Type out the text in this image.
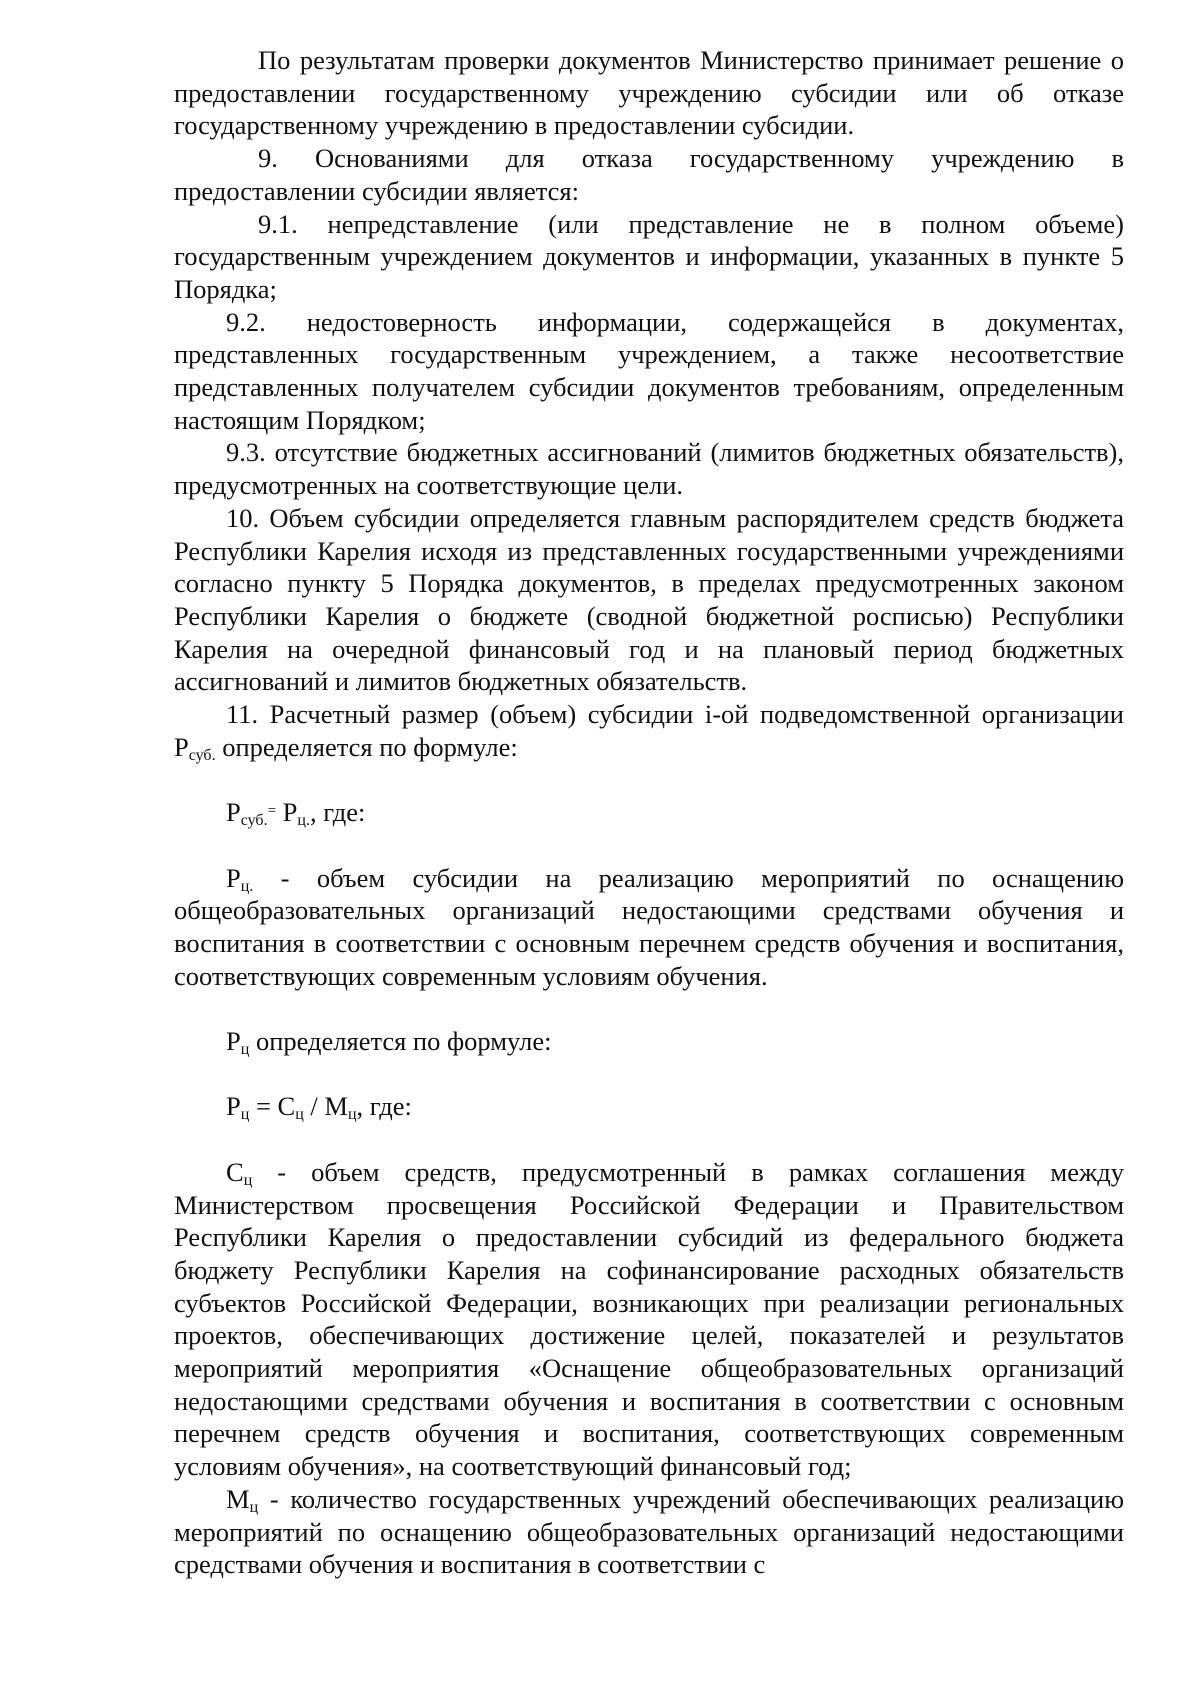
По результатам проверки документов Министерство принимает решение о предоставлении государственному учреждению субсидии или об отказе государственному учреждению в предоставлении субсидии.

9. Основаниями для отказа государственному учреждению в предоставлении субсидии является:

9.1. непредставление (или представление не в полном объеме) государственным учреждением документов и информации, указанных в пункте 5 Порядка;

9.2. недостоверность информации, содержащейся в документах, представленных государственным учреждением, а также несоответствие представленных получателем субсидии документов требованиям, определенным настоящим Порядком;

9.3. отсутствие бюджетных ассигнований (лимитов бюджетных обязательств), предусмотренных на соответствующие цели.

10. Объем субсидии определяется главным распорядителем средств бюджета Республики Карелия исходя из представленных государственными учреждениями согласно пункту 5 Порядка документов, в пределах предусмотренных законом Республики Карелия о бюджете (сводной бюджетной росписью) Республики Карелия на очередной финансовый год и на плановый период бюджетных ассигнований и лимитов бюджетных обязательств.

11. Расчетный размер (объем) субсидии i-ой подведомственной организации $Р_{суб.}$ определяется по формуле:

$Р_{суб.}^=$ $Р_{ц.}$, где:

$Р_{ц.}$ - объем субсидии на реализацию мероприятий по оснащению общеобразовательных организаций недостающими средствами обучения и воспитания в соответствии с основным перечнем средств обучения и воспитания, соответствующих современным условиям обучения.

$Р_ц$ определяется по формуле:

$Р_ц = С_ц / М_ц$, где:

$С_ц$ - объем средств, предусмотренный в рамках соглашения между Министерством просвещения Российской Федерации и Правительством Республики Карелия о предоставлении субсидий из федерального бюджета бюджету Республики Карелия на софинансирование расходных обязательств субъектов Российской Федерации, возникающих при реализации региональных проектов, обеспечивающих достижение целей, показателей и результатов мероприятий мероприятия «Оснащение общеобразовательных организаций недостающими средствами обучения и воспитания в соответствии с основным перечнем средств обучения и воспитания, соответствующих современным условиям обучения», на соответствующий финансовый год;

$М_ц$ - количество государственных учреждений обеспечивающих реализацию мероприятий по оснащению общеобразовательных организаций недостающими средствами обучения и воспитания в соответствии с
